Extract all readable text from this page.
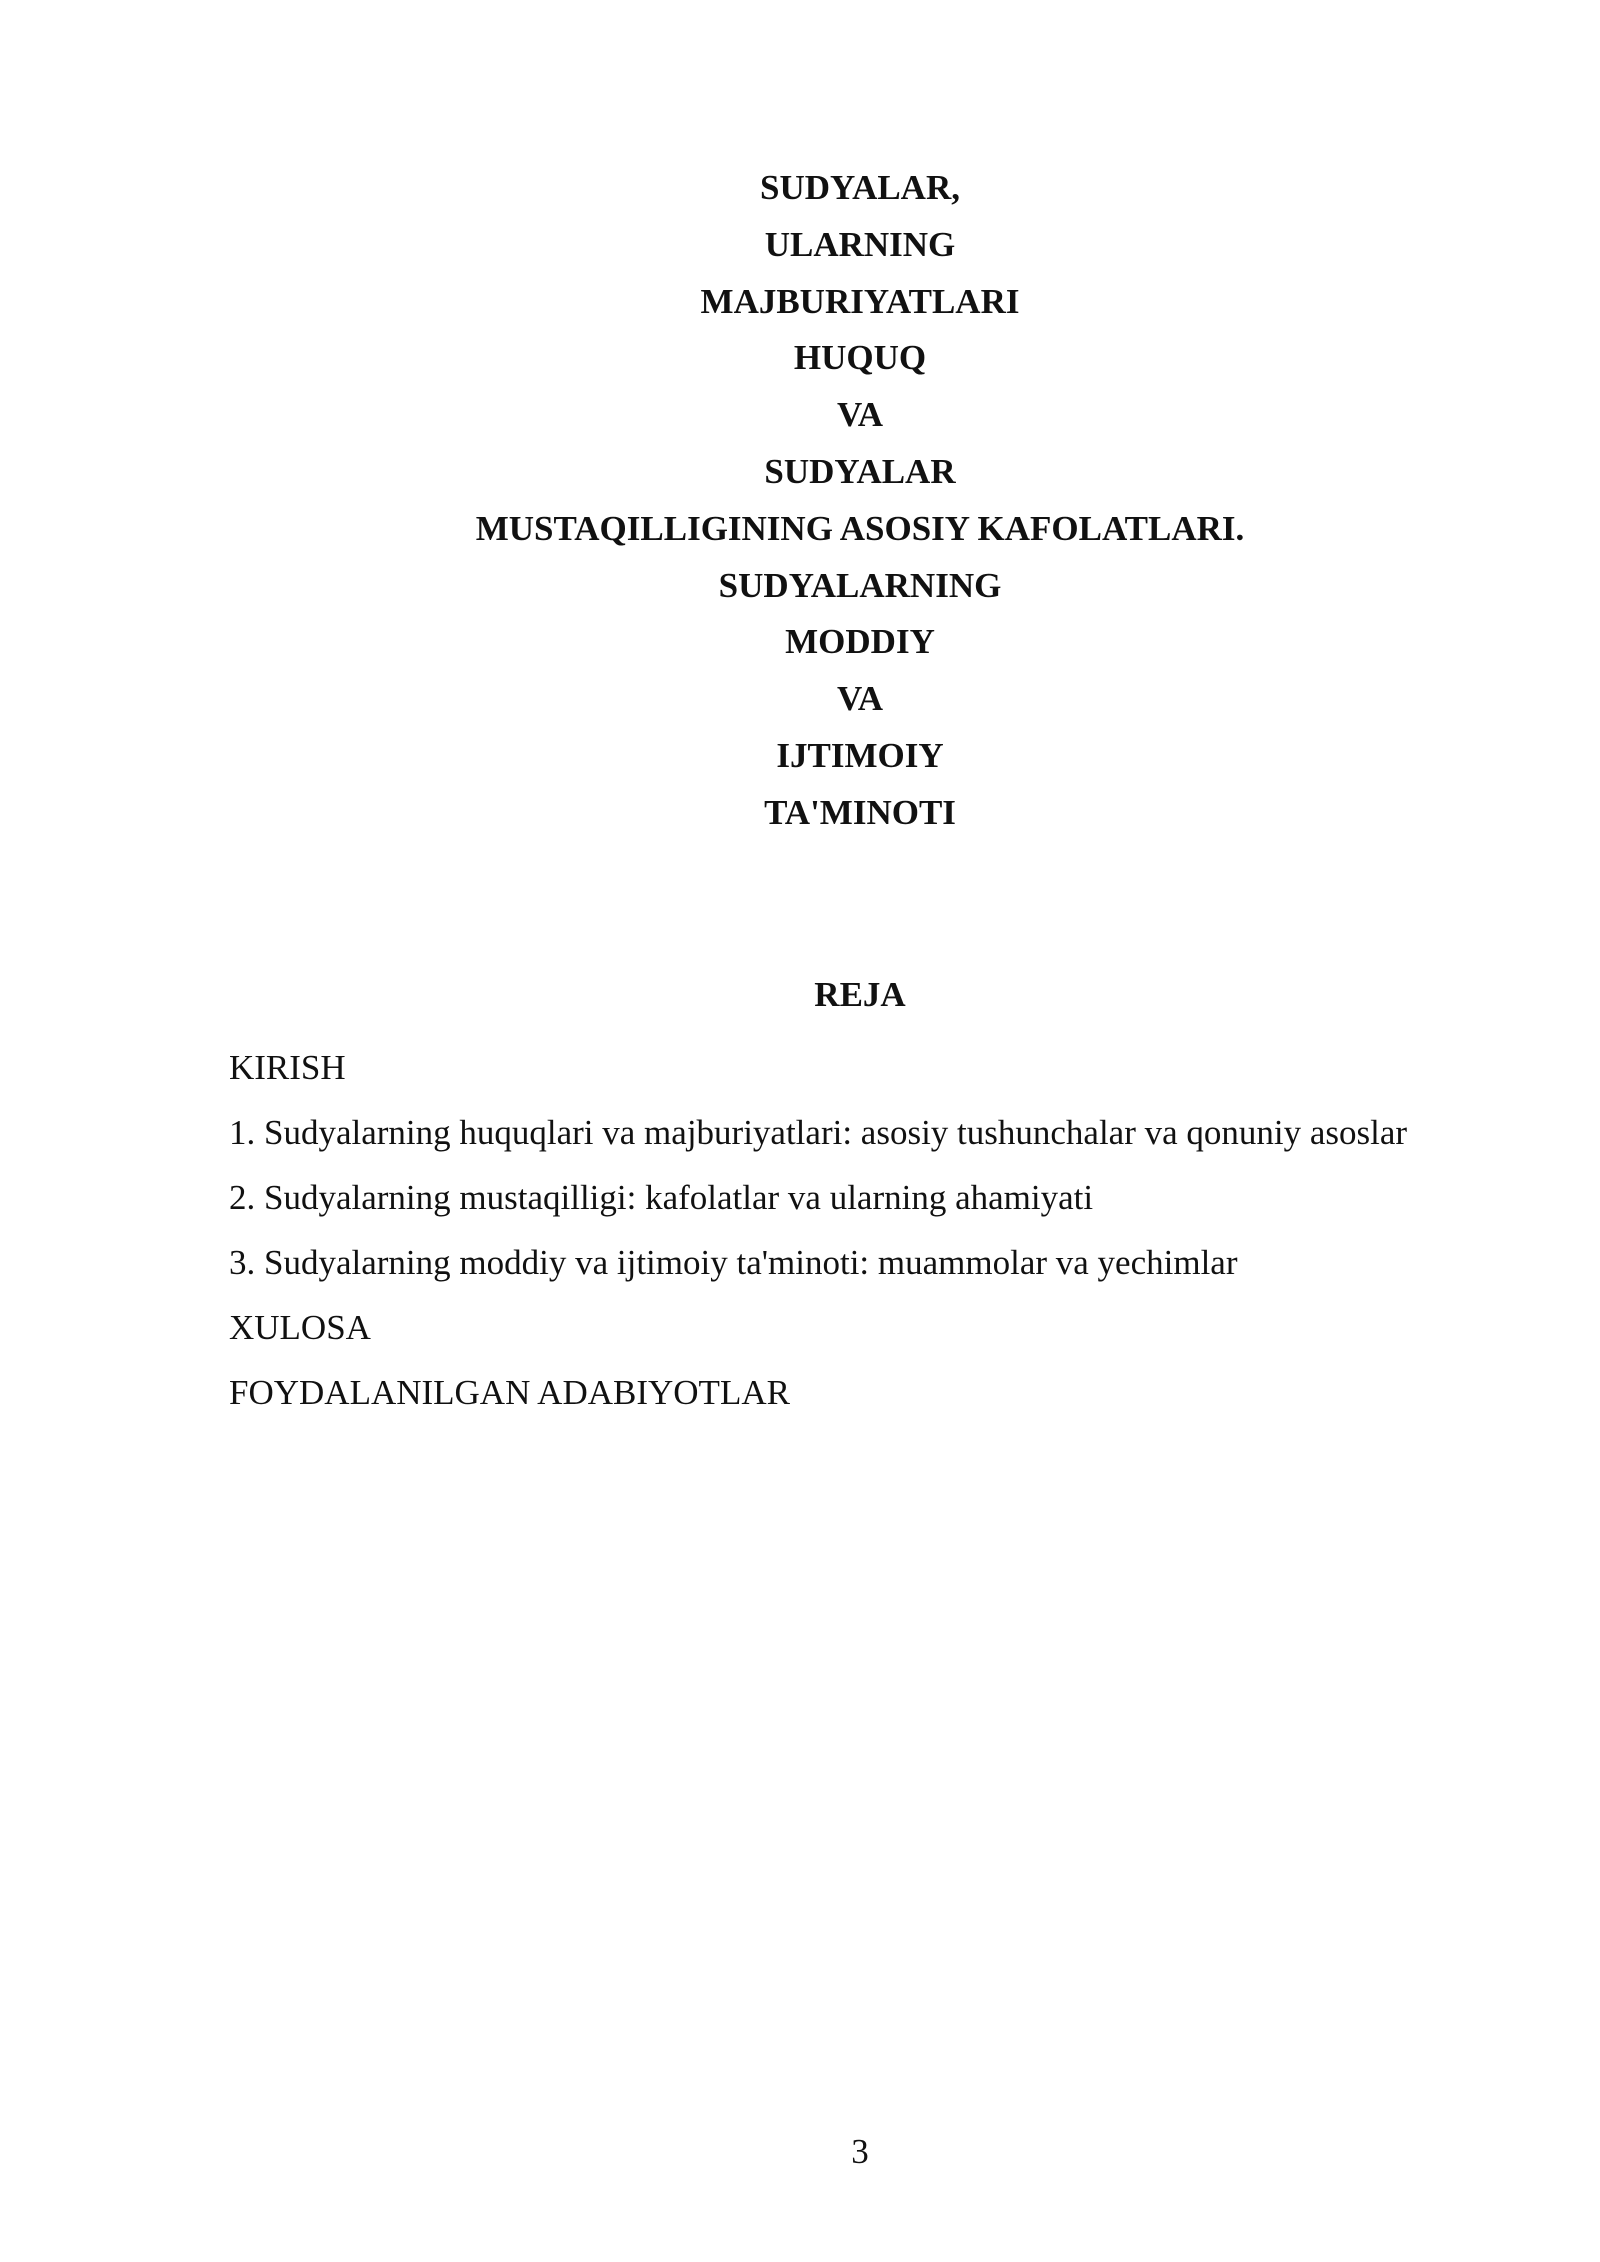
SUDYALAR,
ULARNING
MAJBURIYATLARI
HUQUQ
VA
SUDYALAR
MUSTAQILLIGINING ASOSIY KAFOLATLARI.
SUDYALARNING
MODDIY
VA
IJTIMOIY
TA'MINOTI
REJA

KIRISH

1. Sudyalarning huquqlari va majburiyatlari: asosiy tushunchalar va qonuniy asoslar

2. Sudyalarning mustaqilligi: kafolatlar va ularning ahamiyati

3. Sudyalarning moddiy va ijtimoiy ta'minoti: muammolar va yechimlar

XULOSA

FOYDALANILGAN ADABIYOTLAR

3
